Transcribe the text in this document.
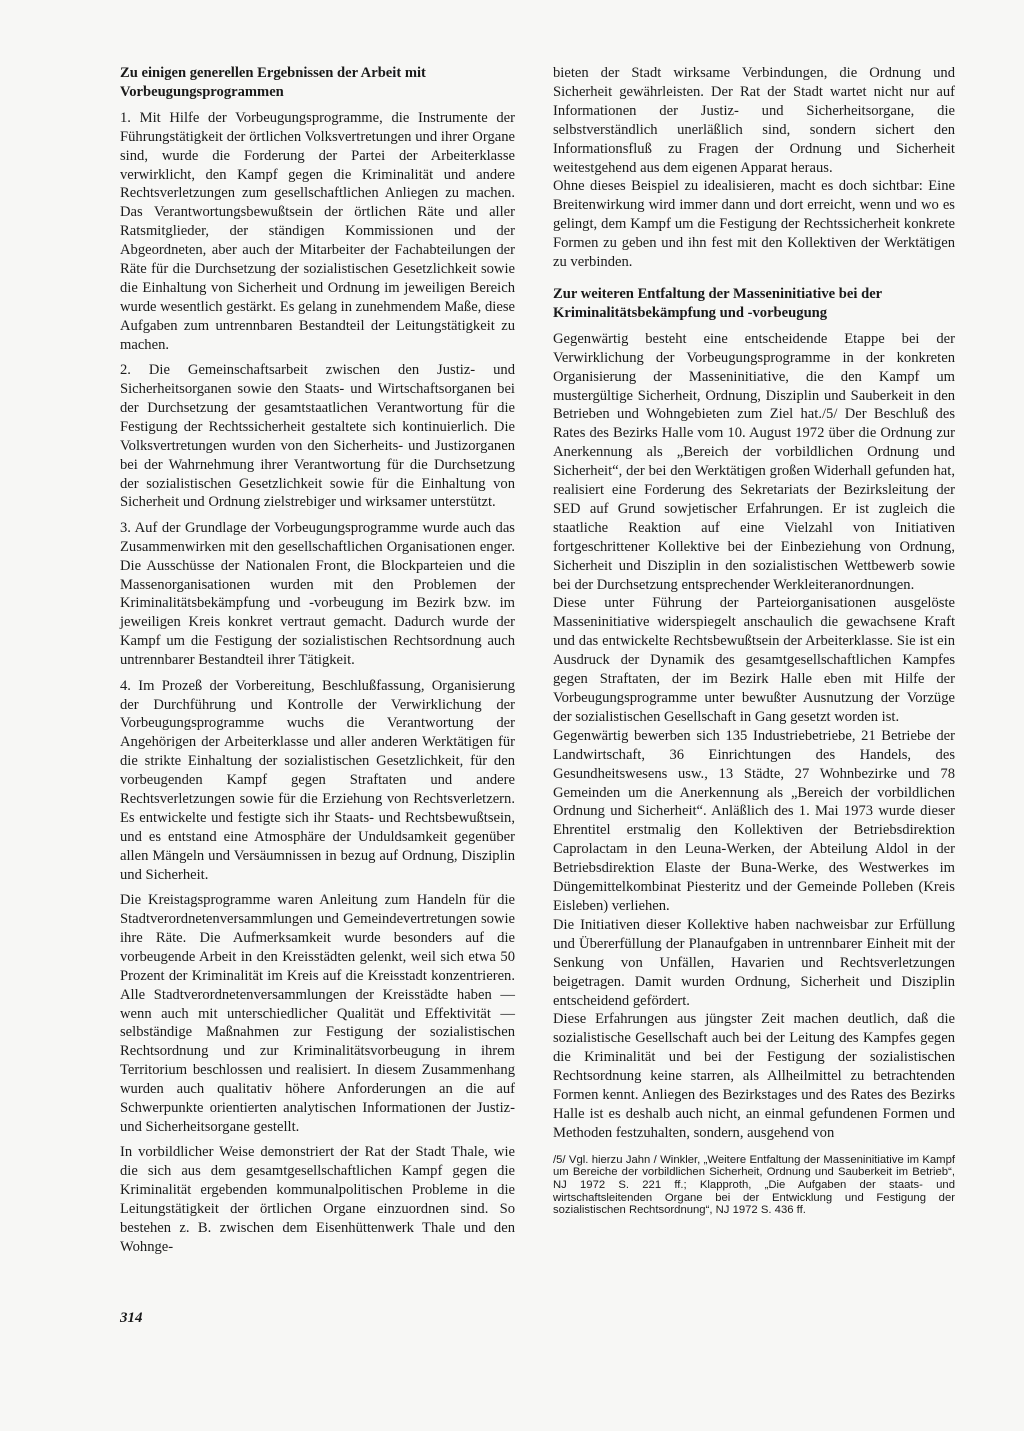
Zu einigen generellen Ergebnissen der Arbeit mit Vorbeugungsprogrammen

1. Mit Hilfe der Vorbeugungsprogramme, die Instrumente der Führungstätigkeit der örtlichen Volksvertretungen und ihrer Organe sind, wurde die Forderung der Partei der Arbeiterklasse verwirklicht, den Kampf gegen die Kriminalität und andere Rechtsverletzungen zum gesellschaftlichen Anliegen zu machen. Das Verantwortungsbewußtsein der örtlichen Räte und aller Ratsmitglieder, der ständigen Kommissionen und der Abgeordneten, aber auch der Mitarbeiter der Fachabteilungen der Räte für die Durchsetzung der sozialistischen Gesetzlichkeit sowie die Einhaltung von Sicherheit und Ordnung im jeweiligen Bereich wurde wesentlich gestärkt. Es gelang in zunehmendem Maße, diese Aufgaben zum untrennbaren Bestandteil der Leitungstätigkeit zu machen.

2. Die Gemeinschaftsarbeit zwischen den Justiz- und Sicherheitsorganen sowie den Staats- und Wirtschaftsorganen bei der Durchsetzung der gesamtstaatlichen Verantwortung für die Festigung der Rechtssicherheit gestaltete sich kontinuierlich. Die Volksvertretungen wurden von den Sicherheits- und Justizorganen bei der Wahrnehmung ihrer Verantwortung für die Durchsetzung der sozialistischen Gesetzlichkeit sowie für die Einhaltung von Sicherheit und Ordnung zielstrebiger und wirksamer unterstützt.

3. Auf der Grundlage der Vorbeugungsprogramme wurde auch das Zusammenwirken mit den gesellschaftlichen Organisationen enger. Die Ausschüsse der Nationalen Front, die Blockparteien und die Massenorganisationen wurden mit den Problemen der Kriminalitätsbekämpfung und -vorbeugung im Bezirk bzw. im jeweiligen Kreis konkret vertraut gemacht. Dadurch wurde der Kampf um die Festigung der sozialistischen Rechtsordnung auch untrennbarer Bestandteil ihrer Tätigkeit.

4. Im Prozeß der Vorbereitung, Beschlußfassung, Organisierung der Durchführung und Kontrolle der Verwirklichung der Vorbeugungsprogramme wuchs die Verantwortung der Angehörigen der Arbeiterklasse und aller anderen Werktätigen für die strikte Einhaltung der sozialistischen Gesetzlichkeit, für den vorbeugenden Kampf gegen Straftaten und andere Rechtsverletzungen sowie für die Erziehung von Rechtsverletzern. Es entwickelte und festigte sich ihr Staats- und Rechtsbewußtsein, und es entstand eine Atmosphäre der Unduldsamkeit gegenüber allen Mängeln und Versäumnissen in bezug auf Ordnung, Disziplin und Sicherheit.

Die Kreistagsprogramme waren Anleitung zum Handeln für die Stadtverordnetenversammlungen und Gemeindevertretungen sowie ihre Räte. Die Aufmerksamkeit wurde besonders auf die vorbeugende Arbeit in den Kreisstädten gelenkt, weil sich etwa 50 Prozent der Kriminalität im Kreis auf die Kreisstadt konzentrieren. Alle Stadtverordnetenversammlungen der Kreisstädte haben — wenn auch mit unterschiedlicher Qualität und Effektivität — selbständige Maßnahmen zur Festigung der sozialistischen Rechtsordnung und zur Kriminalitätsvorbeugung in ihrem Territorium beschlossen und realisiert. In diesem Zusammenhang wurden auch qualitativ höhere Anforderungen an die auf Schwerpunkte orientierten analytischen Informationen der Justiz- und Sicherheitsorgane gestellt.

In vorbildlicher Weise demonstriert der Rat der Stadt Thale, wie die sich aus dem gesamtgesellschaftlichen Kampf gegen die Kriminalität ergebenden kommunalpolitischen Probleme in die Leitungstätigkeit der örtlichen Organe einzuordnen sind. So bestehen z. B. zwischen dem Eisenhüttenwerk Thale und den Wohnge-

bieten der Stadt wirksame Verbindungen, die Ordnung und Sicherheit gewährleisten. Der Rat der Stadt wartet nicht nur auf Informationen der Justiz- und Sicherheitsorgane, die selbstverständlich unerläßlich sind, sondern sichert den Informationsfluß zu Fragen der Ordnung und Sicherheit weitestgehend aus dem eigenen Apparat heraus.

Ohne dieses Beispiel zu idealisieren, macht es doch sichtbar: Eine Breitenwirkung wird immer dann und dort erreicht, wenn und wo es gelingt, dem Kampf um die Festigung der Rechtssicherheit konkrete Formen zu geben und ihn fest mit den Kollektiven der Werktätigen zu verbinden.

Zur weiteren Entfaltung der Masseninitiative bei der Kriminalitätsbekämpfung und -vorbeugung

Gegenwärtig besteht eine entscheidende Etappe bei der Verwirklichung der Vorbeugungsprogramme in der konkreten Organisierung der Masseninitiative, die den Kampf um mustergültige Sicherheit, Ordnung, Disziplin und Sauberkeit in den Betrieben und Wohngebieten zum Ziel hat./5/ Der Beschluß des Rates des Bezirks Halle vom 10. August 1972 über die Ordnung zur Anerkennung als „Bereich der vorbildlichen Ordnung und Sicherheit“, der bei den Werktätigen großen Widerhall gefunden hat, realisiert eine Forderung des Sekretariats der Bezirksleitung der SED auf Grund sowjetischer Erfahrungen. Er ist zugleich die staatliche Reaktion auf eine Vielzahl von Initiativen fortgeschrittener Kollektive bei der Einbeziehung von Ordnung, Sicherheit und Disziplin in den sozialistischen Wettbewerb sowie bei der Durchsetzung entsprechender Werkleiteranordnungen.

Diese unter Führung der Parteiorganisationen ausgelöste Masseninitiative widerspiegelt anschaulich die gewachsene Kraft und das entwickelte Rechtsbewußtsein der Arbeiterklasse. Sie ist ein Ausdruck der Dynamik des gesamtgesellschaftlichen Kampfes gegen Straftaten, der im Bezirk Halle eben mit Hilfe der Vorbeugungsprogramme unter bewußter Ausnutzung der Vorzüge der sozialistischen Gesellschaft in Gang gesetzt worden ist.

Gegenwärtig bewerben sich 135 Industriebetriebe, 21 Betriebe der Landwirtschaft, 36 Einrichtungen des Handels, des Gesundheitswesens usw., 13 Städte, 27 Wohnbezirke und 78 Gemeinden um die Anerkennung als „Bereich der vorbildlichen Ordnung und Sicherheit“. Anläßlich des 1. Mai 1973 wurde dieser Ehrentitel erstmalig den Kollektiven der Betriebsdirektion Caprolactam in den Leuna-Werken, der Abteilung Aldol in der Betriebsdirektion Elaste der Buna-Werke, des Westwerkes im Düngemittelkombinat Piesteritz und der Gemeinde Polleben (Kreis Eisleben) verliehen.

Die Initiativen dieser Kollektive haben nachweisbar zur Erfüllung und Übererfüllung der Planaufgaben in untrennbarer Einheit mit der Senkung von Unfällen, Havarien und Rechtsverletzungen beigetragen. Damit wurden Ordnung, Sicherheit und Disziplin entscheidend gefördert.

Diese Erfahrungen aus jüngster Zeit machen deutlich, daß die sozialistische Gesellschaft auch bei der Leitung des Kampfes gegen die Kriminalität und bei der Festigung der sozialistischen Rechtsordnung keine starren, als Allheilmittel zu betrachtenden Formen kennt. Anliegen des Bezirkstages und des Rates des Bezirks Halle ist es deshalb auch nicht, an einmal gefundenen Formen und Methoden festzuhalten, sondern, ausgehend von

/5/ Vgl. hierzu Jahn / Winkler, „Weitere Entfaltung der Masseninitiative im Kampf um Bereiche der vorbildlichen Sicherheit, Ordnung und Sauberkeit im Betrieb“, NJ 1972 S. 221 ff.; Klapproth, „Die Aufgaben der staats- und wirtschaftsleitenden Organe bei der Entwicklung und Festigung der sozialistischen Rechtsordnung“, NJ 1972 S. 436 ff.
314
